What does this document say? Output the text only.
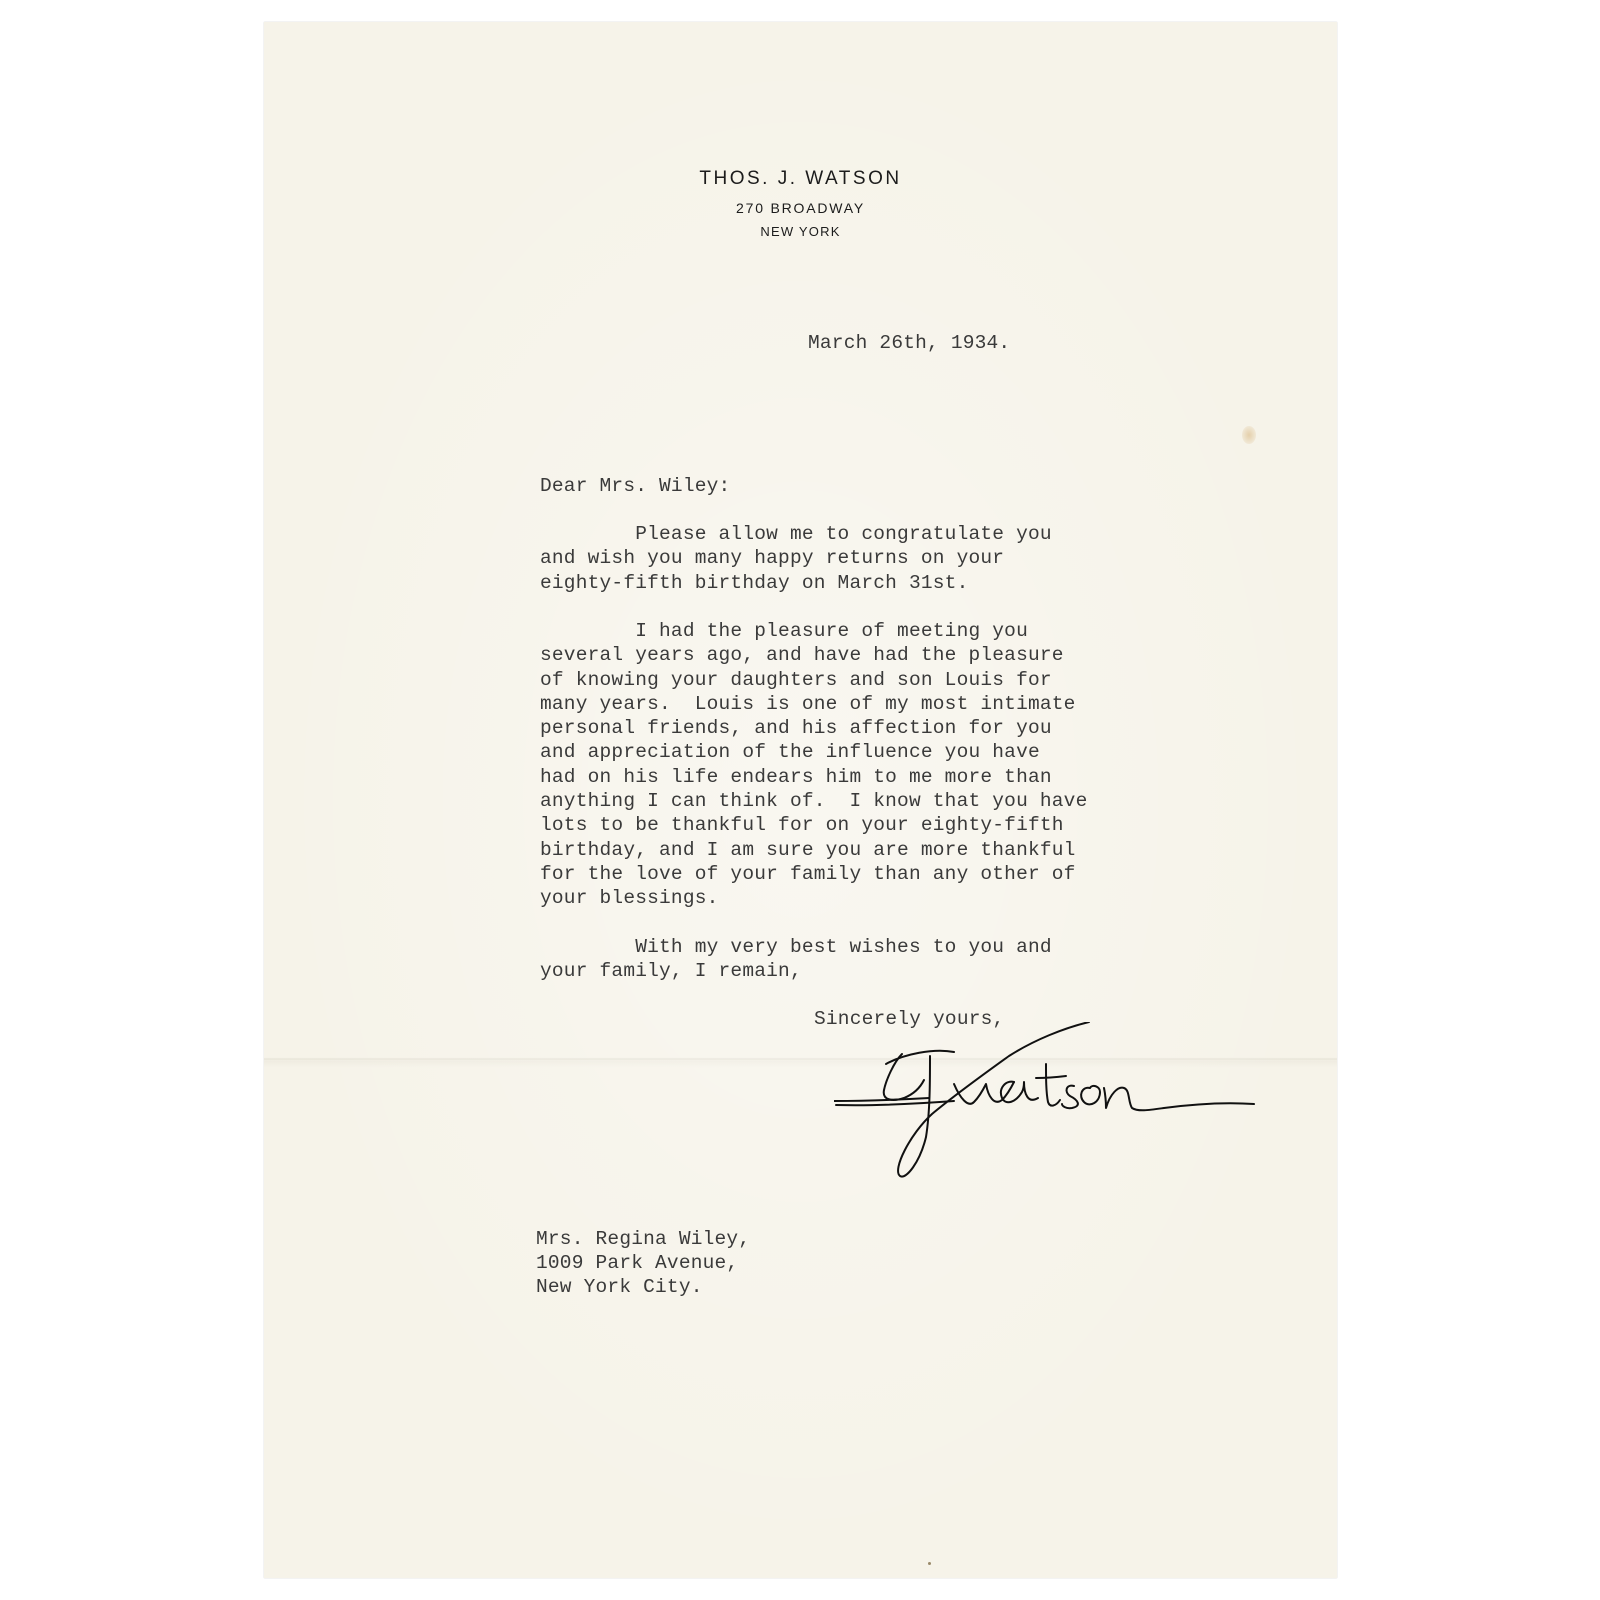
THOS. J. WATSON
270 BROADWAY
NEW YORK
March 26th, 1934.
Dear Mrs. Wiley:
Please allow me to congratulate you
and wish you many happy returns on your
eighty-fifth birthday on March 31st.
I had the pleasure of meeting you
several years ago, and have had the pleasure
of knowing your daughters and son Louis for
many years.  Louis is one of my most intimate
personal friends, and his affection for you
and appreciation of the influence you have
had on his life endears him to me more than
anything I can think of.  I know that you have
lots to be thankful for on your eighty-fifth
birthday, and I am sure you are more thankful
for the love of your family than any other of
your blessings.
With my very best wishes to you and
your family, I remain,
Sincerely yours,
Mrs. Regina Wiley,
1009 Park Avenue,
New York City.
